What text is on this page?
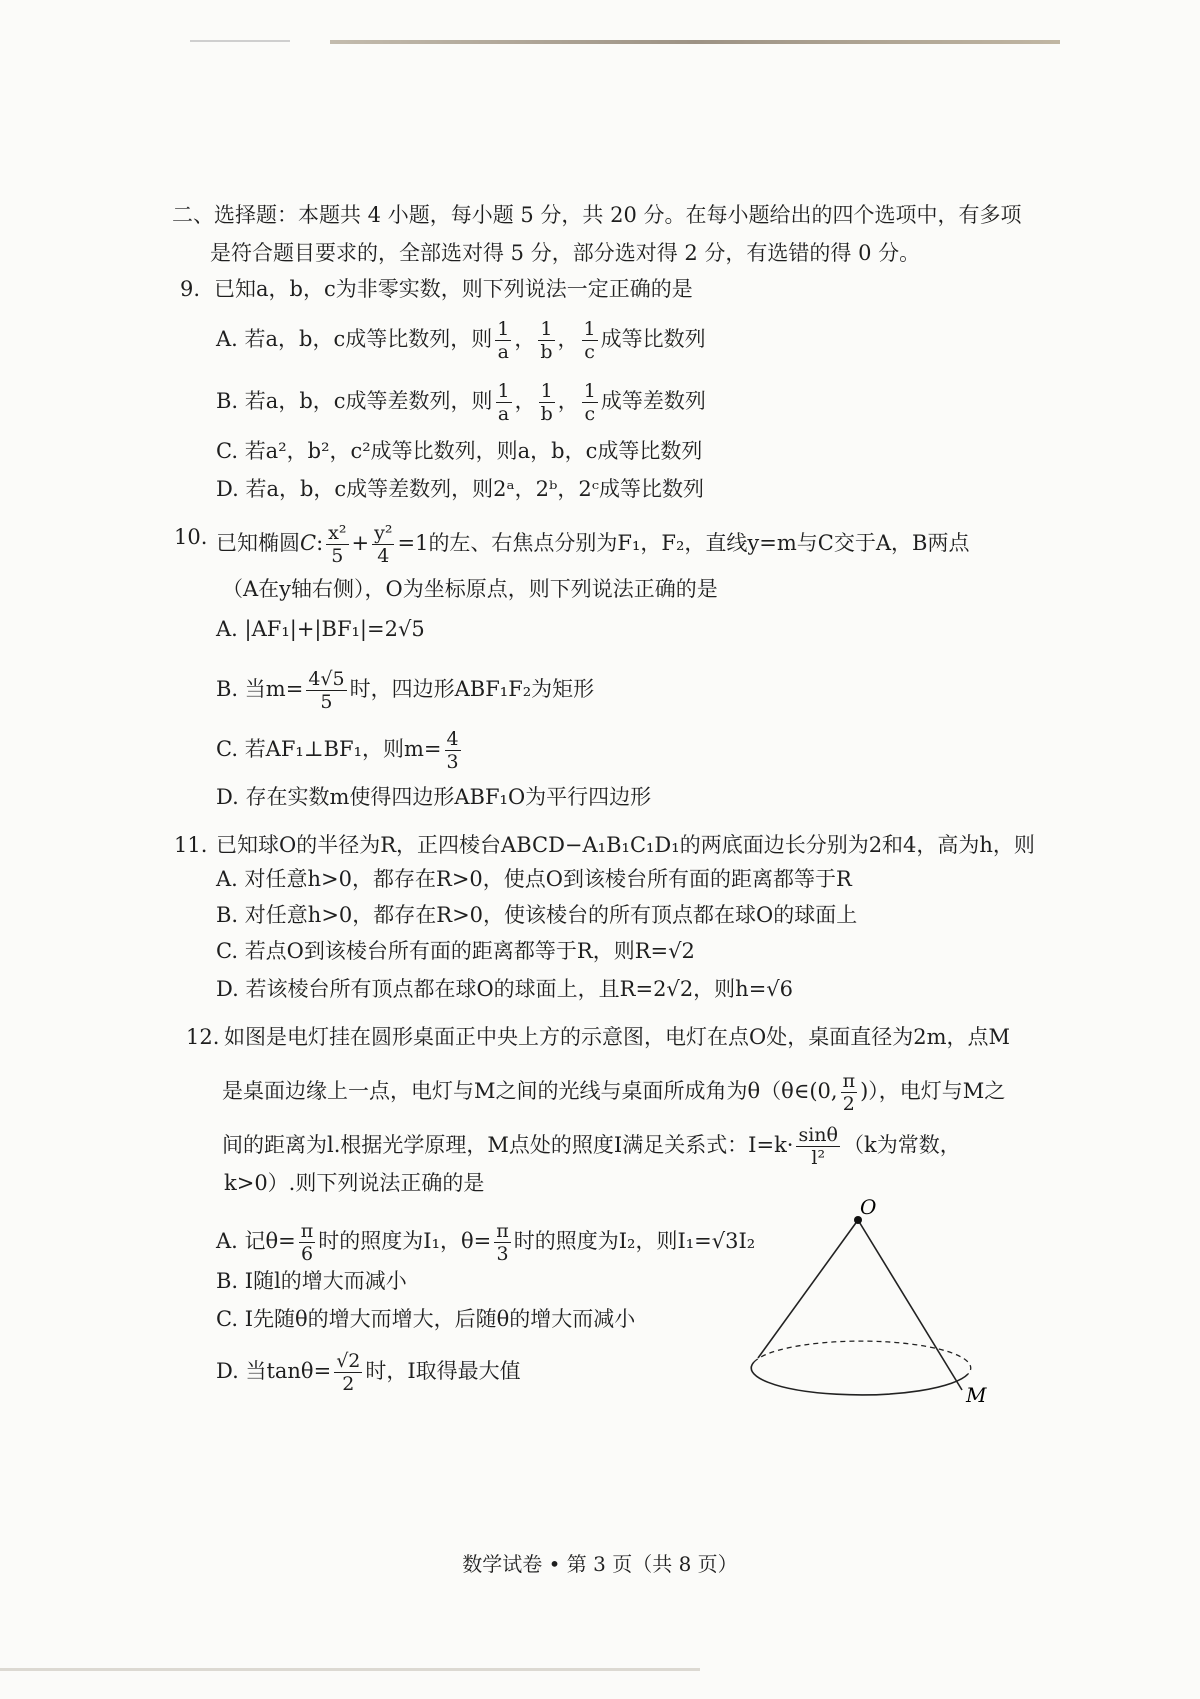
二、选择题：本题共 4 小题，每小题 5 分，共 20 分。在每小题给出的四个选项中，有多项
是符合题目要求的，全部选对得 5 分，部分选对得 2 分，有选错的得 0 分。
9. 已知a，b，c为非零实数，则下列说法一定正确的是
A. 若a，b，c成等比数列，则 $\frac{1}{a}$ ， $\frac{1}{b}$ ， $\frac{1}{c}$ 成等比数列
B. 若a，b，c成等差数列，则 $\frac{1}{a}$ ， $\frac{1}{b}$ ， $\frac{1}{c}$ 成等差数列
C. 若a²，b²，c²成等比数列，则a，b，c成等比数列
D. 若a，b，c成等差数列，则2ᵃ，2ᵇ，2ᶜ成等比数列
10. 已知椭圆C: $\frac{\text{x²}}{5} + \frac{\text{y²}}{4} =1$的左、右焦点分别为F₁，F₂，直线y=m与C交于A，B两点
（A在y轴右侧），O为坐标原点，则下列说法正确的是
A. |AF₁|+|BF₁|=2√5
B. 当$m= \frac{4√5}{5}$ 时，四边形ABF₁F₂为矩形
C. 若AF₁⊥BF₁，则$m= \frac{4}{3}$
D. 存在实数m使得四边形ABF₁O为平行四边形
11. 已知球O的半径为R，正四棱台ABCD−A₁B₁C₁D₁的两底面边长分别为2和4，高为h，则
A. 对任意h>0，都存在R>0，使点O到该棱台所有面的距离都等于R
B. 对任意h>0，都存在R>0，使该棱台的所有顶点都在球O的球面上
C. 若点O到该棱台所有面的距离都等于R，则R=√2
D. 若该棱台所有顶点都在球O的球面上，且R=2√2，则h=√6
12. 如图是电灯挂在圆形桌面正中央上方的示意图，电灯在点O处，桌面直径为2m，点M
是桌面边缘上一点，电灯与M之间的光线与桌面所成角为θ（θ∈(0, $\frac{\pi}{2}$ )），电灯与M之
间的距离为l.根据光学原理，M点处的照度I满足关系式：$I=k\cdot \frac{\sin\theta}{\text{l²}} (k$为常数，
k>0）.则下列说法正确的是
A. 记$\theta= \frac{\pi}{6}$ 时的照度为I₁，$\theta= \frac{\pi}{3}$ 时的照度为I₂，则I₁=√3I₂
B. I随l的增大而减小
C. I先随θ的增大而增大，后随θ的增大而减小
D. 当$\tan\theta= \frac{√2}{2}$ 时，I取得最大值
O
M
数学试卷 • 第 3 页（共 8 页）
